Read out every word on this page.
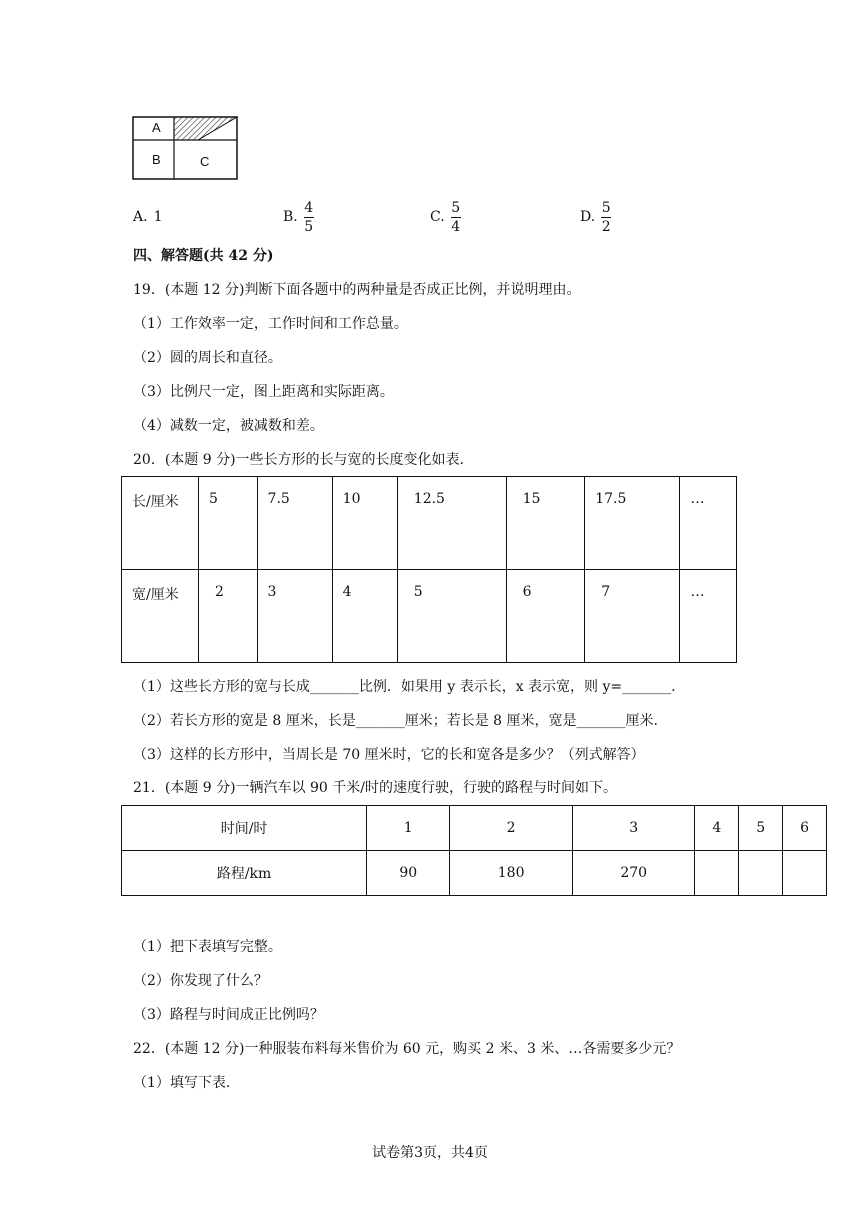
A
B	C
A. 1	B. $\frac{4}{5}$	C. $\frac{5}{4}$	D. $\frac{5}{2}$
四、解答题(共 42 分)
19．(本题 12 分)判断下面各题中的两种量是否成正比例，并说明理由。
（1）工作效率一定，工作时间和工作总量。
（2）圆的周长和直径。
（3）比例尺一定，图上距离和实际距离。
（4）减数一定，被减数和差。
20．(本题 9 分)一些长方形的长与宽的长度变化如表.
长/厘米	5	7.5	10	12.5	15	17.5	…
宽/厘米	2	3	4	5	6	7	…
（1）这些长方形的宽与长成_______比例．如果用 y 表示长，x 表示宽，则 y=_______.
（2）若长方形的宽是 8 厘米，长是_______厘米；若长是 8 厘米，宽是_______厘米.
（3）这样的长方形中，当周长是 70 厘米时，它的长和宽各是多少？（列式解答）
21．(本题 9 分)一辆汽车以 90 千米/时的速度行驶，行驶的路程与时间如下。
时间/时	1	2	3	4	5	6
路程/km	90	180	270			
（1）把下表填写完整。
（2）你发现了什么？
（3）路程与时间成正比例吗？
22．(本题 12 分)一种服装布料每米售价为 60 元，购买 2 米、3 米、…各需要多少元？
（1）填写下表.
试卷第3页，共4页
